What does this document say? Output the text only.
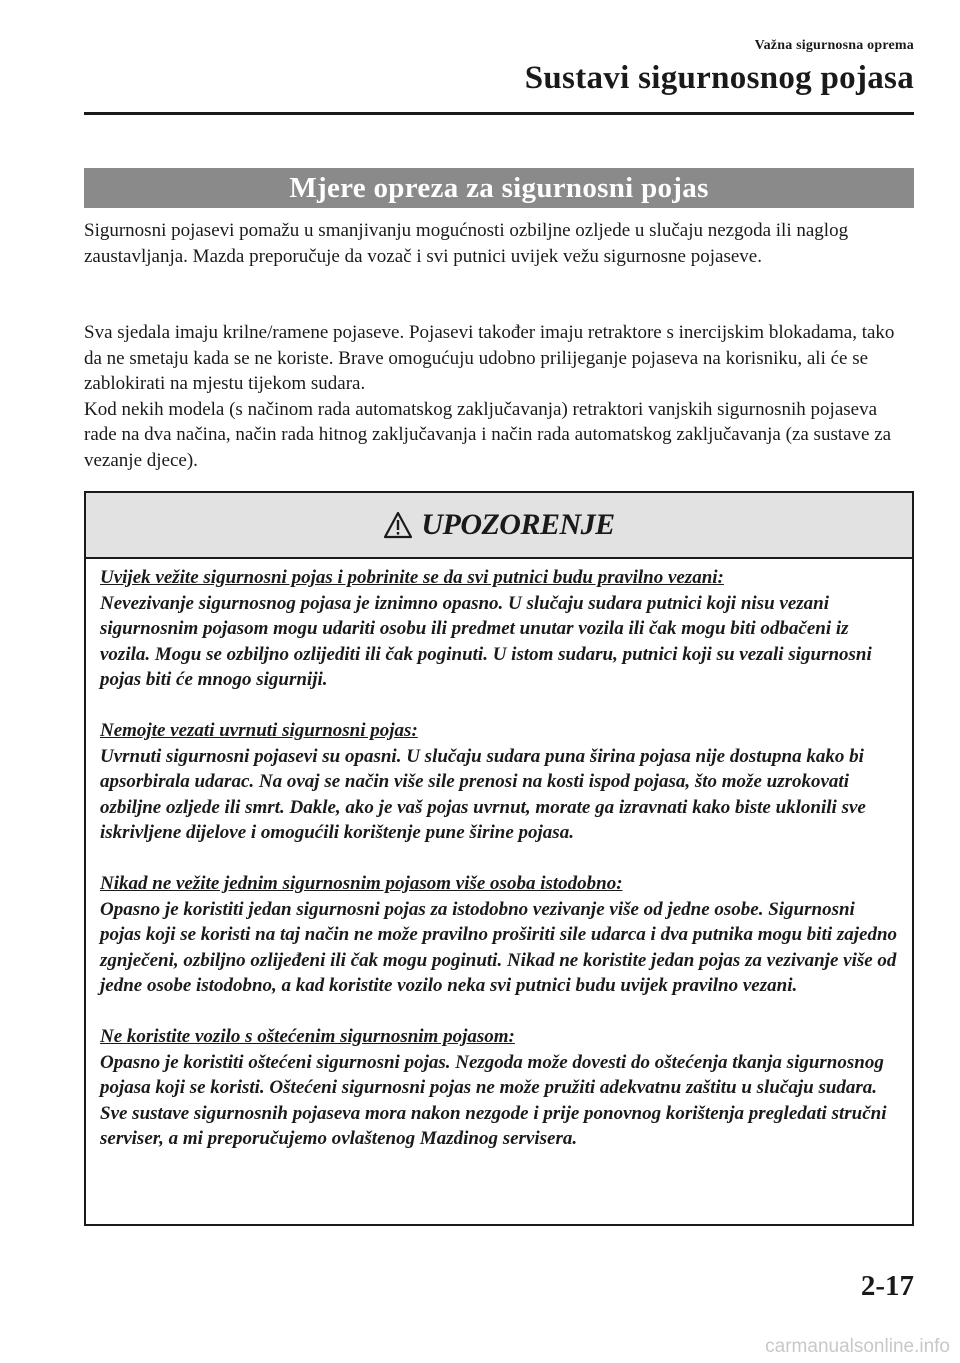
Važna sigurnosna oprema
Sustavi sigurnosnog pojasa
Mjere opreza za sigurnosni pojas

Sigurnosni pojasevi pomažu u smanjivanju mogućnosti ozbiljne ozljede u slučaju nezgoda ili naglog zaustavljanja. Mazda preporučuje da vozač i svi putnici uvijek vežu sigurnosne pojaseve.

Sva sjedala imaju krilne/ramene pojaseve. Pojasevi također imaju retraktore s inercijskim blokadama, tako da ne smetaju kada se ne koriste. Brave omogućuju udobno prilijeganje pojaseva na korisniku, ali će se zablokirati na mjestu tijekom sudara.

Kod nekih modela (s načinom rada automatskog zaključavanja) retraktori vanjskih sigurnosnih pojaseva rade na dva načina, način rada hitnog zaključavanja i način rada automatskog zaključavanja (za sustave za vezanje djece).

UPOZORENJE
Uvijek vežite sigurnosni pojas i pobrinite se da svi putnici budu pravilno vezani:

Nevezivanje sigurnosnog pojasa je iznimno opasno. U slučaju sudara putnici koji nisu vezani sigurnosnim pojasom mogu udariti osobu ili predmet unutar vozila ili čak mogu biti odbačeni iz vozila. Mogu se ozbiljno ozlijediti ili čak poginuti. U istom sudaru, putnici koji su vezali sigurnosni pojas biti će mnogo sigurniji.

Nemojte vezati uvrnuti sigurnosni pojas:

Uvrnuti sigurnosni pojasevi su opasni. U slučaju sudara puna širina pojasa nije dostupna kako bi apsorbirala udarac. Na ovaj se način više sile prenosi na kosti ispod pojasa, što može uzrokovati ozbiljne ozljede ili smrt. Dakle, ako je vaš pojas uvrnut, morate ga izravnati kako biste uklonili sve iskrivljene dijelove i omogućili korištenje pune širine pojasa.

Nikad ne vežite jednim sigurnosnim pojasom više osoba istodobno:

Opasno je koristiti jedan sigurnosni pojas za istodobno vezivanje više od jedne osobe. Sigurnosni pojas koji se koristi na taj način ne može pravilno proširiti sile udarca i dva putnika mogu biti zajedno zgnječeni, ozbiljno ozlijeđeni ili čak mogu poginuti. Nikad ne koristite jedan pojas za vezivanje više od jedne osobe istodobno, a kad koristite vozilo neka svi putnici budu uvijek pravilno vezani.

Ne koristite vozilo s oštećenim sigurnosnim pojasom:

Opasno je koristiti oštećeni sigurnosni pojas. Nezgoda može dovesti do oštećenja tkanja sigurnosnog pojasa koji se koristi. Oštećeni sigurnosni pojas ne može pružiti adekvatnu zaštitu u slučaju sudara. Sve sustave sigurnosnih pojaseva mora nakon nezgode i prije ponovnog korištenja pregledati stručni serviser, a mi preporučujemo ovlaštenog Mazdinog servisera.

2-17
carmanualsonline.info
